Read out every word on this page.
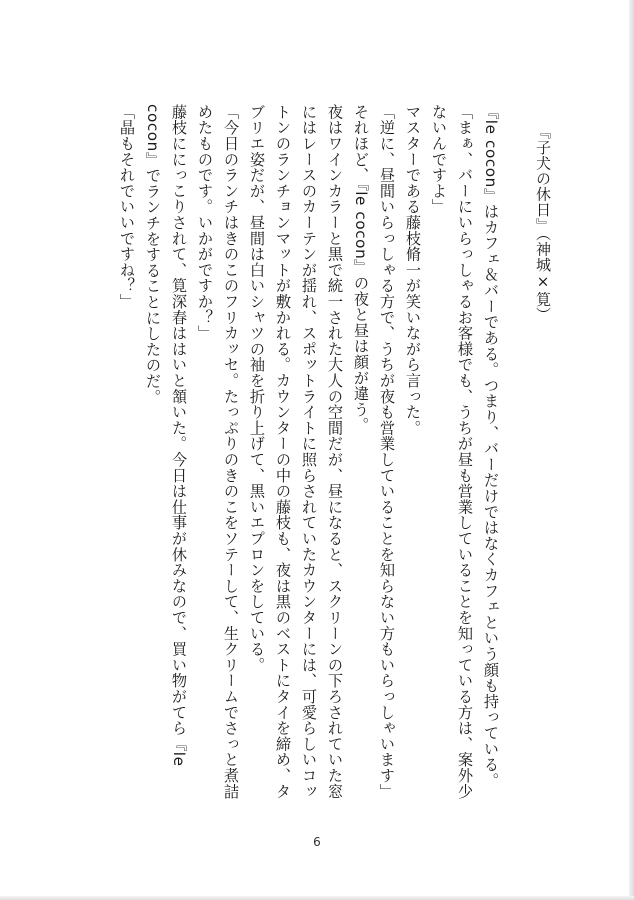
『子犬の休日』（神城×筧）

『le cocon』はカフェ＆バーである。つまり、バーだけではなくカフェという顔も持っている。

「まぁ、バーにいらっしゃるお客様でも、うちが昼も営業していることを知っている方は、案外少ないんですよ」

マスターである藤枝脩一が笑いながら言った。

「逆に、昼間いらっしゃる方で、うちが夜も営業していることを知らない方もいらっしゃいます」

それほど、『le cocon』の夜と昼は顔が違う。

夜はワインカラーと黒で統一された大人の空間だが、昼になると、スクリーンの下ろされていた窓にはレースのカーテンが揺れ、スポットライトに照らされていたカウンターには、可愛らしいコットンのランチョンマットが敷かれる。カウンターの中の藤枝も、夜は黒のベストにタイを締め、タブリエ姿だが、昼間は白いシャツの袖を折り上げて、黒いエプロンをしている。

「今日のランチはきのこのフリカッセ。たっぷりのきのこをソテーして、生クリームでさっと煮詰めたものです。いかがですか？」

藤枝ににっこりされて、筧深春ははいと頷いた。今日は仕事が休みなので、買い物がてら『le cocon』でランチをすることにしたのだ。

「晶もそれでいいですね？」

6
